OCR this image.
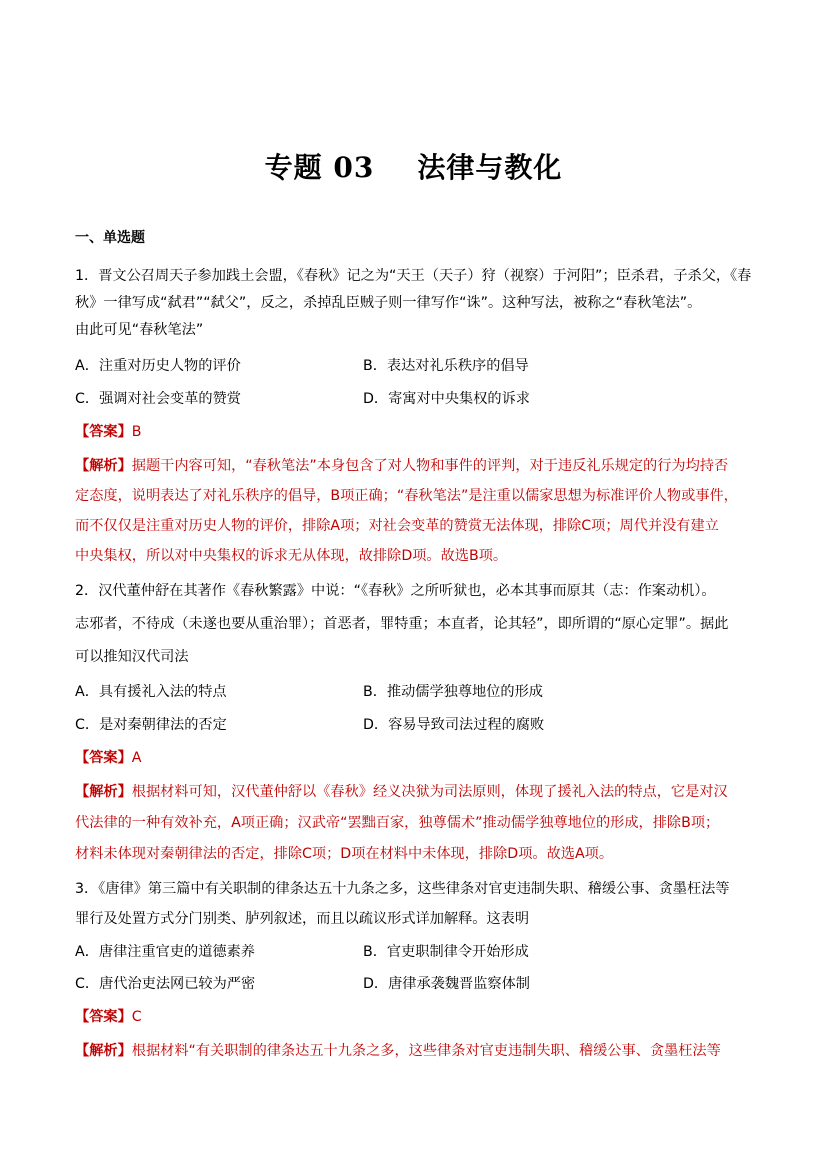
专题 03    法律与教化
一、单选题
1．晋文公召周天子参加践土会盟，《春秋》记之为“天王（天子）狩（视察）于河阳”；臣杀君，子杀父，《春
秋》一律写成“弑君”“弑父”，反之，杀掉乱臣贼子则一律写作“诛”。这种写法，被称之“春秋笔法”。
由此可见“春秋笔法”
A．注重对历史人物的评价	B．表达对礼乐秩序的倡导
C．强调对社会变革的赞赏	D．寄寓对中央集权的诉求
【答案】B
【解析】据题干内容可知，“春秋笔法”本身包含了对人物和事件的评判，对于违反礼乐规定的行为均持否
定态度，说明表达了对礼乐秩序的倡导，B项正确；“春秋笔法”是注重以儒家思想为标准评价人物或事件，
而不仅仅是注重对历史人物的评价，排除A项；对社会变革的赞赏无法体现，排除C项；周代并没有建立
中央集权，所以对中央集权的诉求无从体现，故排除D项。故选B项。
2．汉代董仲舒在其著作《春秋繁露》中说：“《春秋》之所听狱也，必本其事而原其（志：作案动机）。
志邪者，不待成（未遂也要从重治罪）；首恶者，罪特重；本直者，论其轻”，即所谓的“原心定罪”。据此
可以推知汉代司法
A．具有援礼入法的特点	B．推动儒学独尊地位的形成
C．是对秦朝律法的否定	D．容易导致司法过程的腐败
【答案】A
【解析】根据材料可知，汉代董仲舒以《春秋》经义决狱为司法原则，体现了援礼入法的特点，它是对汉
代法律的一种有效补充，A项正确；汉武帝“罢黜百家，独尊儒术”推动儒学独尊地位的形成，排除B项；
材料未体现对秦朝律法的否定，排除C项；D项在材料中未体现，排除D项。故选A项。
3．《唐律》第三篇中有关职制的律条达五十九条之多，这些律条对官吏违制失职、稽缓公事、贪墨枉法等
罪行及处置方式分门别类、胪列叙述，而且以疏议形式详加解释。这表明
A．唐律注重官吏的道德素养	B．官吏职制律令开始形成
C．唐代治吏法网已较为严密	D．唐律承袭魏晋监察体制
【答案】C
【解析】根据材料“有关职制的律条达五十九条之多，这些律条对官吏违制失职、稽缓公事、贪墨枉法等
